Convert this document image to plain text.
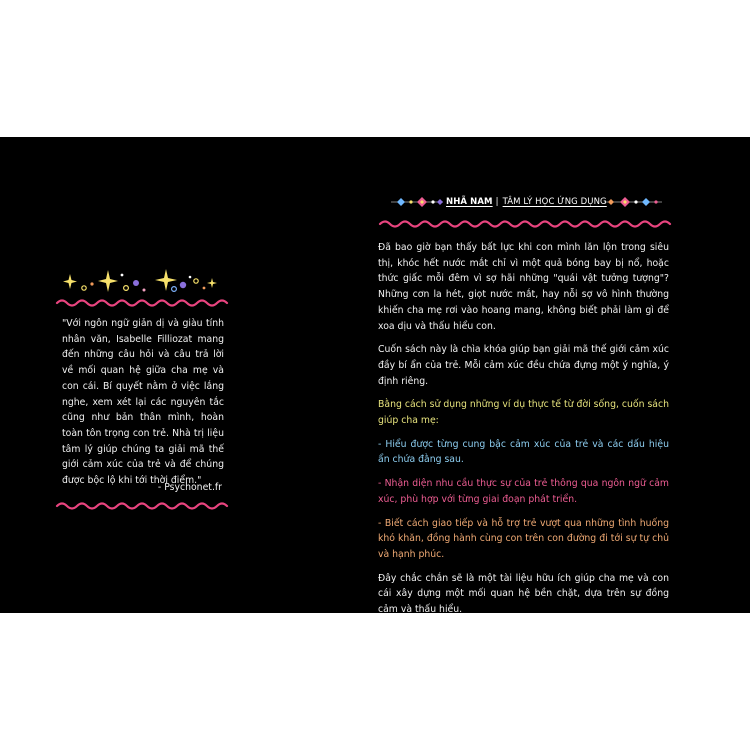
"Với ngôn ngữ giản dị và giàu tính nhân văn, Isabelle Filliozat mang đến những câu hỏi và câu trả lời về mối quan hệ giữa cha mẹ và con cái. Bí quyết nằm ở việc lắng nghe, xem xét lại các nguyên tắc cũng như bản thân mình, hoàn toàn tôn trọng con trẻ. Nhà trị liệu tâm lý giúp chúng ta giải mã thế giới cảm xúc của trẻ và để chúng được bộc lộ khi tới thời điểm."
- Psychonet.fr
NHÃ NAM | TÂM LÝ HỌC ỨNG DỤNG

Đã bao giờ bạn thấy bất lực khi con mình lăn lộn trong siêu thị, khóc hết nước mắt chỉ vì một quả bóng bay bị nổ, hoặc thức giấc mỗi đêm vì sợ hãi những "quái vật tưởng tượng"? Những cơn la hét, giọt nước mắt, hay nỗi sợ vô hình thường khiến cha mẹ rơi vào hoang mang, không biết phải làm gì để xoa dịu và thấu hiểu con.

Cuốn sách này là chìa khóa giúp bạn giải mã thế giới cảm xúc đầy bí ẩn của trẻ. Mỗi cảm xúc đều chứa đựng một ý nghĩa, ý định riêng.

Bằng cách sử dụng những ví dụ thực tế từ đời sống, cuốn sách giúp cha mẹ:

- Hiểu được từng cung bậc cảm xúc của trẻ và các dấu hiệu ẩn chứa đằng sau.

- Nhận diện nhu cầu thực sự của trẻ thông qua ngôn ngữ cảm xúc, phù hợp với từng giai đoạn phát triển.

- Biết cách giao tiếp và hỗ trợ trẻ vượt qua những tình huống khó khăn, đồng hành cùng con trên con đường đi tới sự tự chủ và hạnh phúc.

Đây chắc chắn sẽ là một tài liệu hữu ích giúp cha mẹ và con cái xây dựng một mối quan hệ bền chặt, dựa trên sự đồng cảm và thấu hiểu.
